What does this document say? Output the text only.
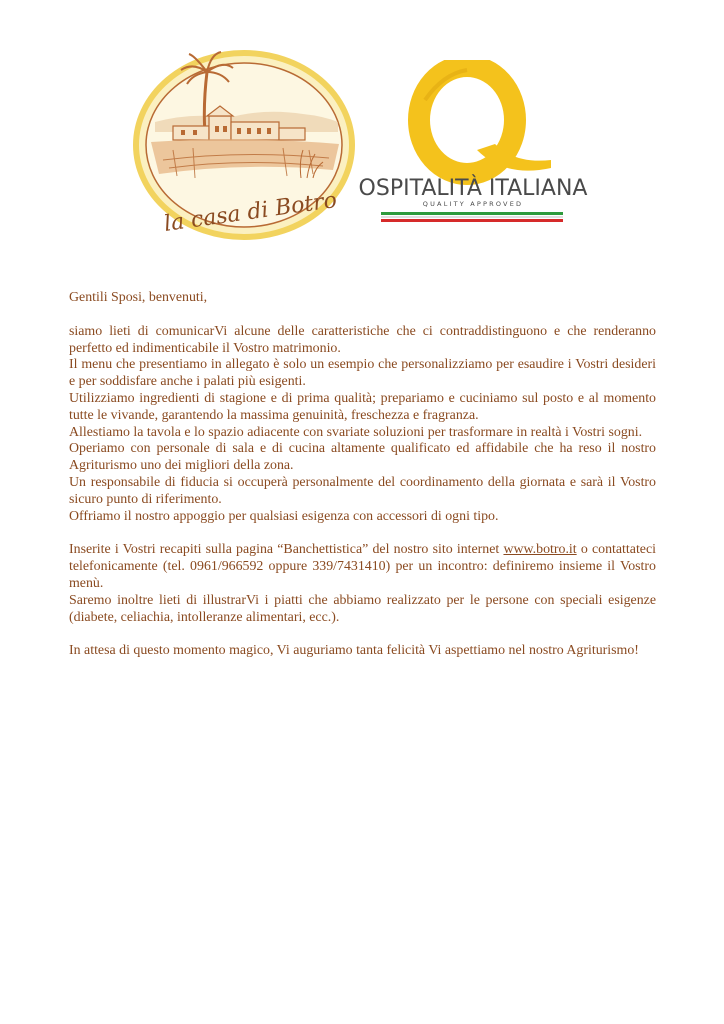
la casa di Botro OSPITALITÀ ITALIANA
QUALITY APPROVED

Gentili Sposi, benvenuti,

siamo lieti di comunicarVi alcune delle caratteristiche che ci contraddistinguono e che renderanno perfetto ed indimenticabile il Vostro matrimonio.

Il menu che presentiamo in allegato è solo un esempio che personalizziamo per esaudire i Vostri desideri e per soddisfare anche i palati più esigenti.

Utilizziamo ingredienti di stagione e di prima qualità; prepariamo e cuciniamo sul posto e al momento tutte le vivande, garantendo la massima genuinità, freschezza e fragranza.

Allestiamo la tavola e lo spazio adiacente con svariate soluzioni per trasformare in realtà i Vostri sogni.

Operiamo con personale di sala e di cucina altamente qualificato ed affidabile che ha reso il nostro Agriturismo uno dei migliori della zona.

Un responsabile di fiducia si occuperà personalmente del coordinamento della giornata e sarà il Vostro sicuro punto di riferimento.

Offriamo il nostro appoggio per qualsiasi esigenza con accessori di ogni tipo.

Inserite i Vostri recapiti sulla pagina “Banchettistica” del nostro sito internet www.botro.it o contattateci telefonicamente (tel. 0961/966592 oppure 339/7431410) per un incontro: definiremo insieme il Vostro menù.

Saremo inoltre lieti di illustrarVi i piatti che abbiamo realizzato per le persone con speciali esigenze (diabete, celiachia, intolleranze alimentari, ecc.).

In attesa di questo momento magico, Vi auguriamo tanta felicità Vi aspettiamo nel nostro Agriturismo!
